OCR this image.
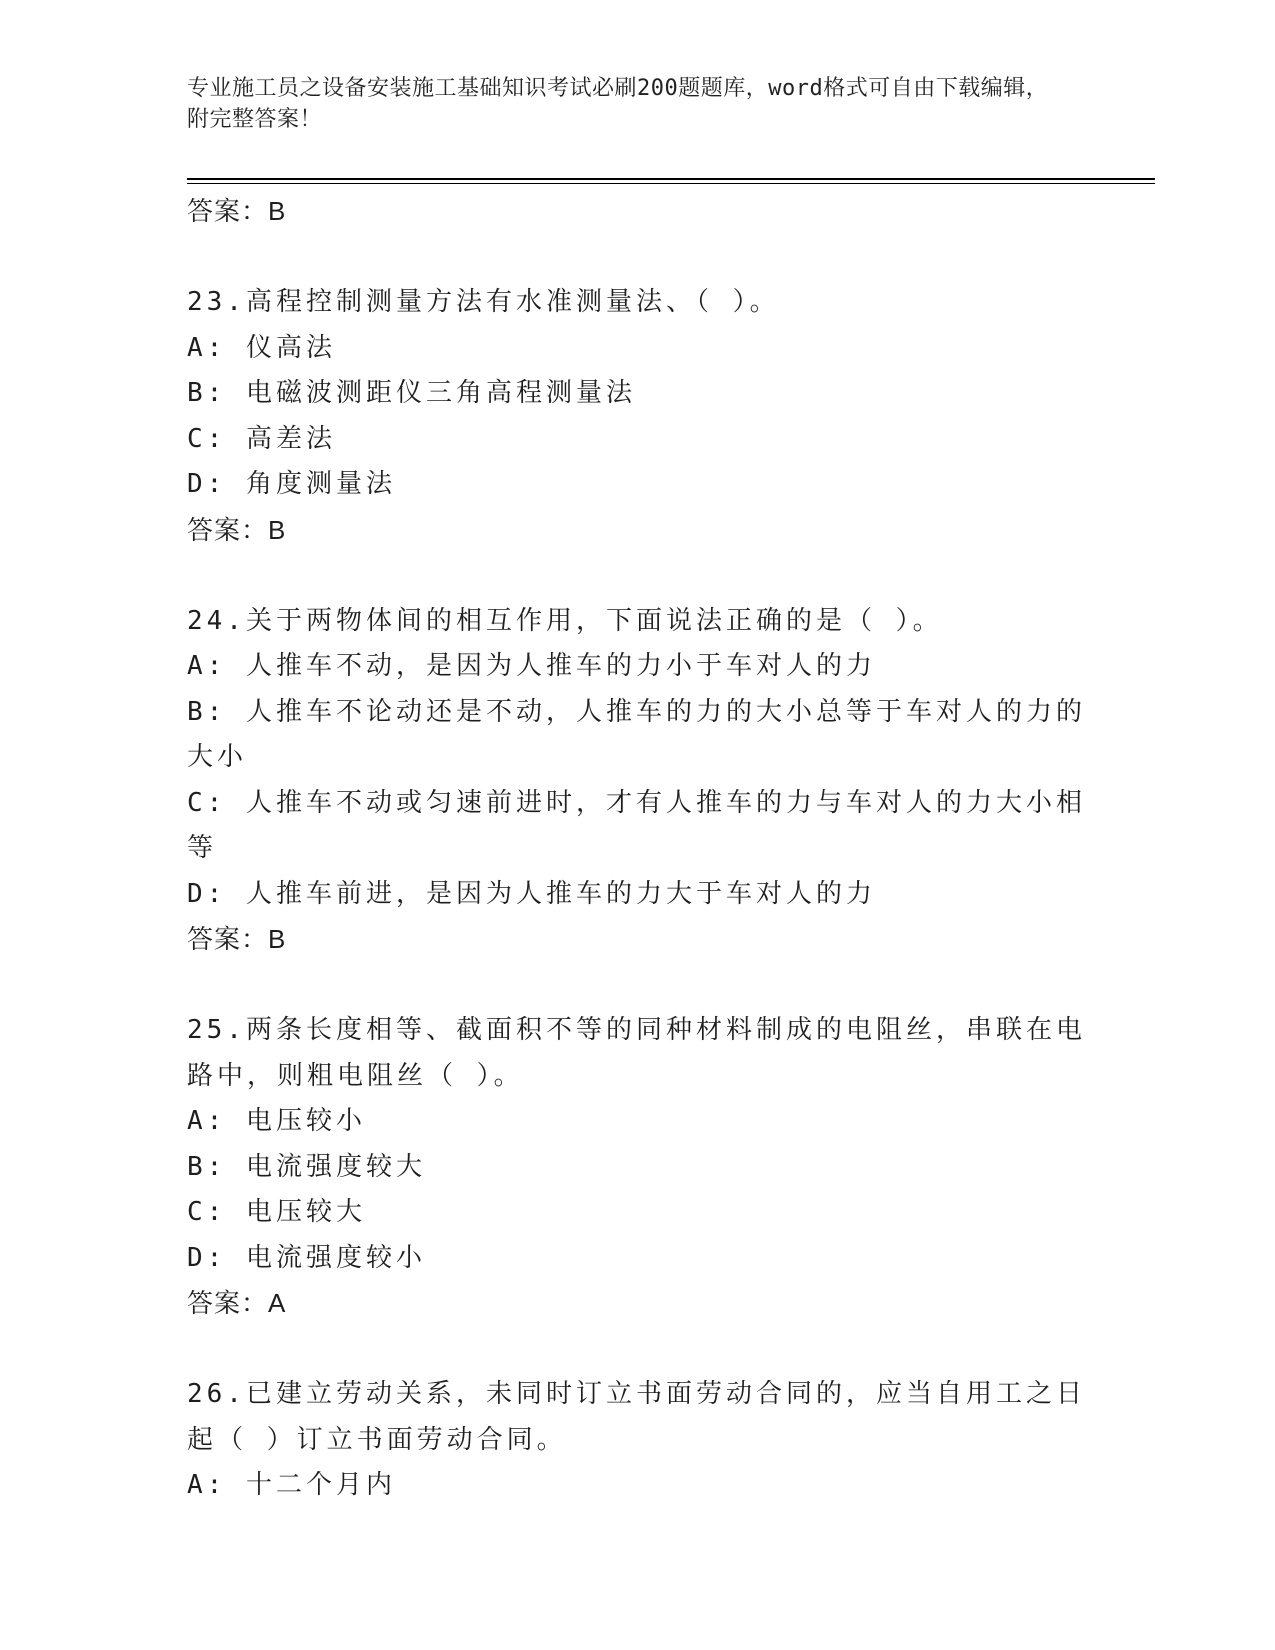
专业施工员之设备安装施工基础知识考试必刷200题题库，word格式可自由下载编辑，附完整答案！
答案：B
23.高程控制测量方法有水准测量法、（ ）。
A: 仪高法
B: 电磁波测距仪三角高程测量法
C: 高差法
D: 角度测量法
答案：B
24.关于两物体间的相互作用，下面说法正确的是（ ）。
A: 人推车不动，是因为人推车的力小于车对人的力
B: 人推车不论动还是不动，人推车的力的大小总等于车对人的力的大小
C: 人推车不动或匀速前进时，才有人推车的力与车对人的力大小相等
D: 人推车前进，是因为人推车的力大于车对人的力
答案：B
25.两条长度相等、截面积不等的同种材料制成的电阻丝，串联在电路中，则粗电阻丝（ ）。
A: 电压较小
B: 电流强度较大
C: 电压较大
D: 电流强度较小
答案：A
26.已建立劳动关系，未同时订立书面劳动合同的，应当自用工之日起（ ）订立书面劳动合同。
A: 十二个月内
